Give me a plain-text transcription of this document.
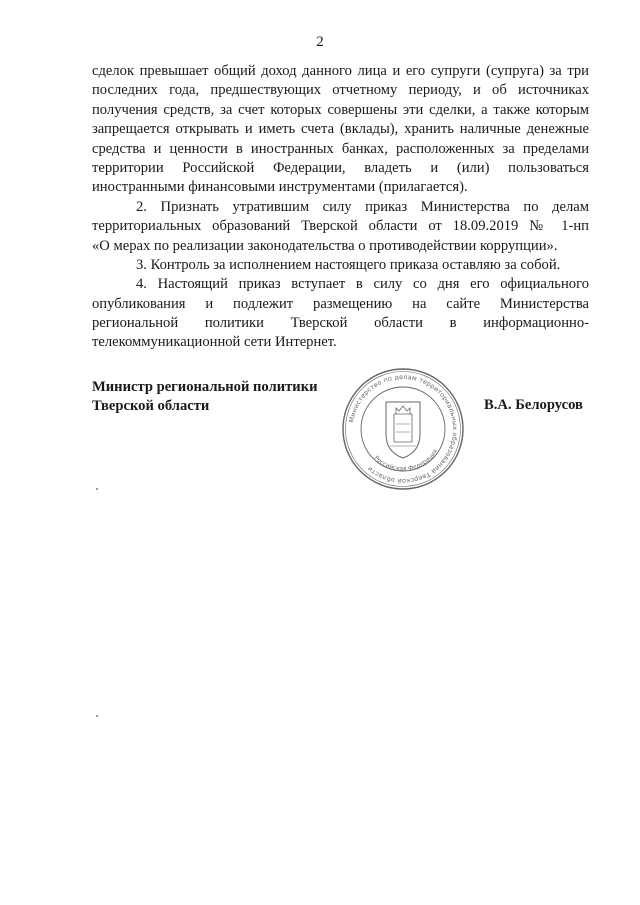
2
сделок превышает общий доход данного лица и его супруги (супруга) за три
последних года, предшествующих отчетному периоду, и об источниках
получения средств, за счет которых совершены эти сделки, а также которым
запрещается открывать и иметь счета (вклады), хранить наличные денежные
средства и ценности в иностранных банках, расположенных за пределами
территории Российской Федерации, владеть и (или) пользоваться
иностранными финансовыми инструментами (прилагается).
2. Признать утратившим силу приказ Министерства по делам
территориальных образований Тверской области от 18.09.2019 № 1-нп
«О мерах по реализации законодательства о противодействии коррупции».
3. Контроль за исполнением настоящего приказа оставляю за собой.
4. Настоящий приказ вступает в силу со дня его официального
опубликования и подлежит размещению на сайте Министерства
региональной политики Тверской области в информационно-
телекоммуникационной сети Интернет.
Министр региональной политики
Тверской области
Министерство по делам территориальных образований Тверской области
Российская Федерация
В.А. Белорусов
